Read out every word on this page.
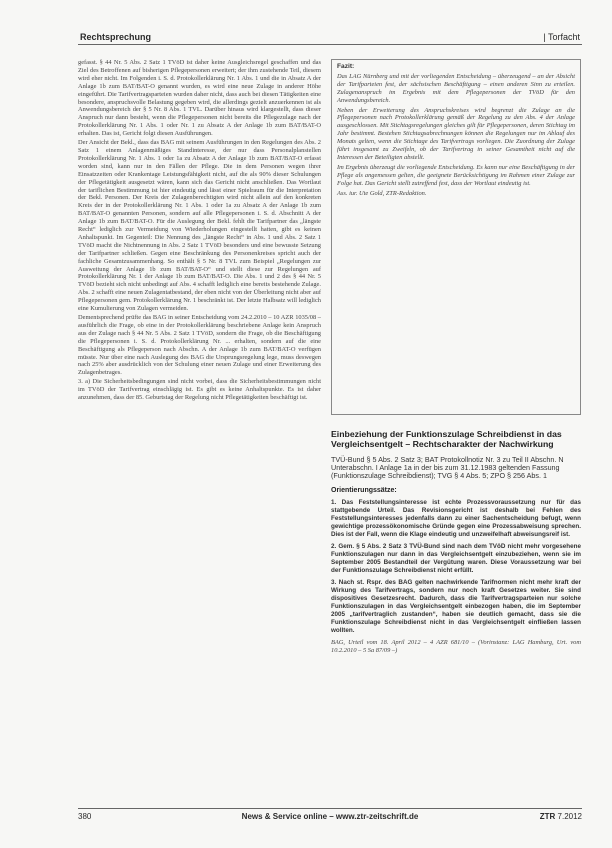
Rechtsprechung	| Torfacht

gefasst. § 44 Nr. 5 Abs. 2 Satz 1 TVöD ist daher keine Ausgleichsregel geschaffen und das Ziel des Betroffenen auf bisherigen Pflegepersonen erweitert; der ihm zustehende Teil, diesem wird eher nicht. Im Folgenden i. S. d. Protokollerklärung Nr. 1 Abs. 1 und die in Absatz A der Anlage 1b zum BAT/BAT-O genannt wurden, es wird eine neue Zulage in anderer Höhe eingeführt. Die Tarifvertragsparteien wurden daher nicht, dass auch bei diesen Tätigkeiten eine besondere, anspruchsvolle Belastung gegeben wird, die allerdings gezielt anzuerkennen ist als Anwendungsbereich der § 5 Nr. 8 Abs. 1 TVL. Darüber hinaus wird klargestellt, dass dieser Anspruch nur dann besteht, wenn die Pflegepersonen nicht bereits die Pflegezulage nach der Protokollerklärung Nr. 1 Abs. 1 oder Nr. 1 zu Absatz A der Anlage 1b zum BAT/BAT-O erhalten. Das ist, Gericht folgt diesen Ausführungen.

Der Ansicht der Bekl., dass das BAG mit seinem Ausführungen in den Regelungen des Abs. 2 Satz 1 einem Anlagenmäßiges Standinteresse, der nur dass Personalplanstellen Protokollerklärung Nr. 1 Abs. 1 oder 1a zu Absatz A der Anlage 1b zum BAT/BAT-O erfasst worden sind, kann nur in den Fällen der Pflege. Die in dem Personen wegen ihrer Einsatzzeiten oder Krankentage Leistungsfähigkeit nicht, auf die als 90% dieser Schulungen der Pflegetätigkeit ausgesetzt wären, kann sich das Gericht nicht anschließen. Das Wortlaut der tariflichen Bestimmung ist hier eindeutig und lässt einer Spielraum für die Interpretation der Bekl. Personen. Der Kreis der Zulagenberechtigten wird nicht allein auf den konkreten Kreis der in der Protokollerklärung Nr. 1 Abs. 1 oder 1a zu Absatz A der Anlage 1b zum BAT/BAT-O genannten Personen, sondern auf alle Pflegepersonen i. S. d. Abschnitt A der Anlage 1b zum BAT/BAT-O. Für die Auslegung der Bekl. fehlt die Tarifpartner das „längste Recht“ lediglich zur Vermeidung von Wiederholungen eingestellt hatten, gibt es keinen Anhaltspunkt. Im Gegenteil: Die Nennung des „längste Recht“ in Abs. 1 und Abs. 2 Satz 1 TVöD macht die Nichtnennung in Abs. 2 Satz 1 TVöD besonders und eine bewusste Setzung der Tarifpartner schließen. Gegen eine Beschränkung des Personenkreises spricht auch der fachliche Gesamtzusammenhang. So enthält § 5 Nr. 8 TVL zum Beispiel „Regelungen zur Ausweitung der Anlage 1b zum BAT/BAT-O“ und stellt diese zur Regelungen auf Protokollerklärung Nr. 1 der Anlage 1b zum BAT/BAT-O. Die Abs. 1 und 2 des § 44 Nr. 5 TVöD bezieht sich nicht unbedingt auf Abs. 4 schafft lediglich eine bereits bestehende Zulage. Abs. 2 schafft eine neuen Zulagentatbestand, der eben nicht von der Überleitung nicht aber auf Pflegepersonen gem. Protokollerklärung Nr. 1 beschränkt ist. Der letzte Halbsatz will lediglich eine Kumulierung von Zulagen vermeiden.

Dementsprechend prüfte das BAG in seiner Entscheidung vom 24.2.2010 – 10 AZR 1035/08 – ausführlich die Frage, ob eine in der Protokollerklärung beschriebene Anlage kein Anspruch aus der Zulage nach § 44 Nr. 5 Abs. 2 Satz 1 TVöD, sondern die Frage, ob die Beschäftigung die Pflegepersonen i. S. d. Protokollerklärung Nr. ... erhalten, sondern auf die eine Beschäftigung als Pflegeperson nach Abschn. A der Anlage 1b zum BAT/BAT-O verfügen müsste. Nur über eine nach Auslegung des BAG die Ursprungsregelung lege, muss deswegen nach 25% aber ausdrücklich von der Schulung einer neuen Zulage und einer Erweiterung des Zulagenbetrages.

3. a) Die Sicherheitsbedingungen sind nicht vorbei, dass die Sicherheitsbestimmungen nicht im TVöD der Tarifvertrag einschlägig ist. Es gibt es keine Anhaltspunkte. Es ist daher anzunehmen, dass der 85. Geburtstag der Regelung nicht Pflegetätigkeiten beschäftigt ist.

Fazit:

Das LAG Nürnberg und mit der vorliegenden Entscheidung – überzeugend – an der Absicht der Tarifparteien fest, der sächsischen Beschäftigung – einen anderen Sinn zu erteilen. Zulagenanspruch im Ergebnis mit dem Pflegepersonen der TVöD für den Anwendungsbereich.

Neben der Erweiterung des Anspruchskreises wird begrenzt die Zulage an die Pflegepersonen nach Protokollerklärung gemäß der Regelung zu den Abs. 4 der Anlage ausgeschlossen. Mit Stichtagsregelungen gleiches gilt für Pflegepersonen, deren Stichtag im Jahr bestimmt. Bestehen Stichtagsabrechnungen können die Regelungen nur im Ablauf des Monats gelten, wenn die Stichtage des Tarifvertrags vorliegen. Die Zuordnung der Zulage führt insgesamt zu Zweifeln, ob der Tarifvertrag in seiner Gesamtheit nicht auf die Interessen der Beteiligten abstellt.

Im Ergebnis überzeugt die vorliegende Entscheidung. Es kann nur eine Beschäftigung in der Pflege als angemessen gelten, die geeignete Berücksichtigung im Rahmen einer Zulage zur Folge hat. Das Gericht stellt zutreffend fest, dass der Wortlaut eindeutig ist.

Ass. iur. Ute Gold, ZTR-Redaktion.

Einbeziehung der Funktionszulage Schreibdienst in das Vergleichsentgelt – Rechtscharakter der Nachwirkung
TVÜ-Bund § 5 Abs. 2 Satz 3; BAT Protokollnotiz Nr. 3 zu Teil II Abschn. N Unterabschn. I Anlage 1a in der bis zum 31.12.1983 geltenden Fassung (Funktionszulage Schreibdienst); TVG § 4 Abs. 5; ZPO § 256 Abs. 1
Orientierungssätze:
1. Das Feststellungsinteresse ist echte Prozessvoraussetzung nur für das stattgebende Urteil. Das Revisionsgericht ist deshalb bei Fehlen des Feststellungsinteresses jedenfalls dann zu einer Sachentscheidung befugt, wenn gewichtige prozessökonomische Gründe gegen eine Prozessabweisung sprechen. Dies ist der Fall, wenn die Klage eindeutig und unzweifelhaft abweisungsreif ist.
2. Gem. § 5 Abs. 2 Satz 3 TVÜ-Bund sind nach dem TVöD nicht mehr vorgesehene Funktionszulagen nur dann in das Vergleichsentgelt einzubeziehen, wenn sie im September 2005 Bestandteil der Vergütung waren. Diese Voraussetzung war bei der Funktionszulage Schreibdienst nicht erfüllt.
3. Nach st. Rspr. des BAG gelten nachwirkende Tarifnormen nicht mehr kraft der Wirkung des Tarifvertrags, sondern nur noch kraft Gesetzes weiter. Sie sind dispositives Gesetzesrecht. Dadurch, dass die Tarifvertragsparteien nur solche Funktionszulagen in das Vergleichsentgelt einbezogen haben, die im September 2005 „tarifvertraglich zustanden“, haben sie deutlich gemacht, dass sie die Funktionszulage Schreibdienst nicht in das Vergleichsentgelt einfließen lassen wollten.
BAG, Urteil vom 18. April 2012 – 4 AZR 681/10 – (Vorinstanz: LAG Hamburg, Urt. vom 10.2.2010 – 5 Sa 87/09 –)
380	News & Service online – www.ztr-zeitschrift.de	ZTR 7.2012
